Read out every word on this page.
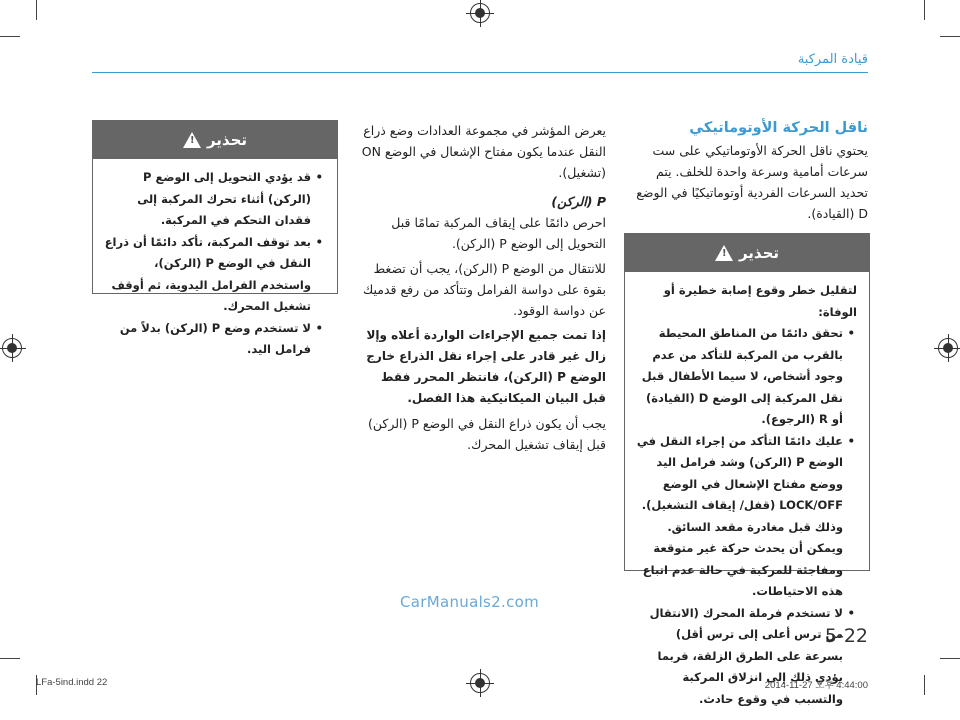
قيادة المركبة
ناقل الحركة الأوتوماتيكي

يحتوي ناقل الحركة الأوتوماتيكي على ست سرعات أمامية وسرعة واحدة للخلف. يتم تحديد السرعات الفردية أوتوماتيكيًا في الوضع D (القيادة).

تحذير
!

لتقليل خطر وقوع إصابة خطيرة أو الوفاة:

• تحقق دائمًا من المناطق المحيطة بالقرب من المركبة للتأكد من عدم وجود أشخاص، لا سيما الأطفال قبل نقل المركبة إلى الوضع D (القيادة) أو R (الرجوع).
• عليك دائمًا التأكد من إجراء النقل في الوضع P (الركن) وشد فرامل اليد ووضع مفتاح الإشعال في الوضع LOCK/OFF (قفل/ إيقاف التشغيل). وذلك قبل مغادرة مقعد السائق. ويمكن أن يحدث حركة غير متوقعة ومفاجئة للمركبة في حالة عدم اتباع هذه الاحتياطات.
• لا تستخدم فرملة المحرك (الانتقال من ترس أعلى إلى ترس أقل) بسرعة على الطرق الزلقة، فربما يؤدي ذلك إلى انزلاق المركبة والتسبب في وقوع حادث.
تحذير
!
• قد يؤدي التحويل إلى الوضع P (الركن) أثناء تحرك المركبة إلى فقدان التحكم في المركبة.
• بعد توقف المركبة، تأكد دائمًا أن ذراع النقل في الوضع P (الركن)، واستخدم الفرامل اليدوية، ثم أوقف تشغيل المحرك.
• لا تستخدم وضع P (الركن) بدلاً من فرامل اليد.

يعرض المؤشر في مجموعة العدادات وضع ذراع النقل عندما يكون مفتاح الإشعال في الوضع ON (تشغيل).

P (الركن)

احرص دائمًا على إيقاف المركبة تمامًا قبل التحويل إلى الوضع P (الركن).

للانتقال من الوضع P (الركن)، يجب أن تضغط بقوة على دواسة الفرامل وتتأكد من رفع قدميك عن دواسة الوقود.

إذا تمت جميع الإجراءات الواردة أعلاه وإلا زال غير قادر على إجراء نقل الذراع خارج الوضع P (الركن)، فانتظر المحرر فقط قبل البيان الميكانيكية هذا الفصل.

يجب أن يكون ذراع النقل في الوضع P (الركن) قبل إيقاف تشغيل المحرك.

CarManuals2.com
5-22
LFa-5ind.indd 22	2014-11-27 오후 4:44:00
